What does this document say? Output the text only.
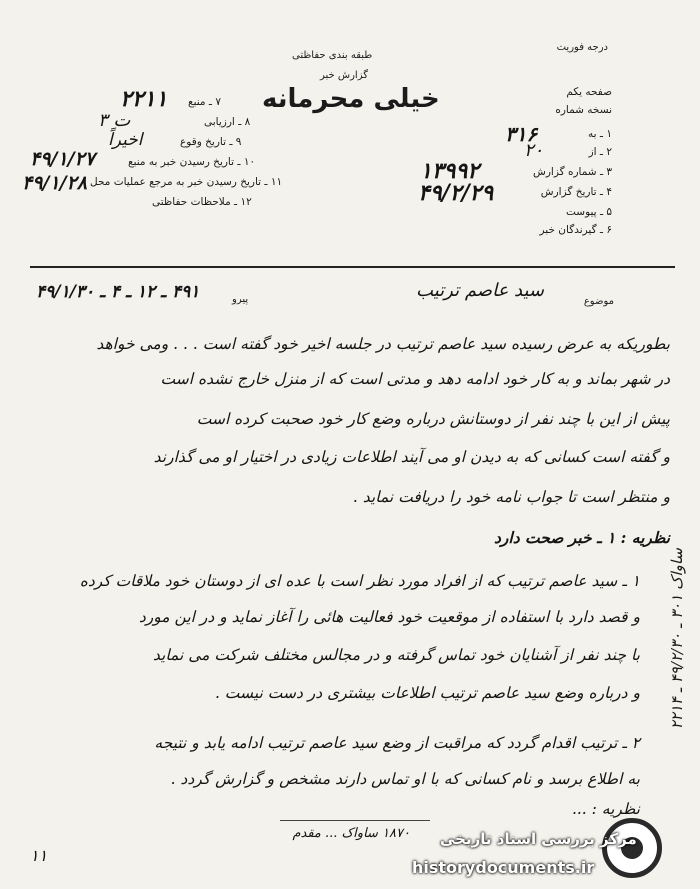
درجه فوریت
طبقه بندی حفاظتی
گزارش خبر
خیلی محرمانه	صفحه یکم
نسخه شماره
۱ ـ به
۲ ـ از
۳ ـ شماره گزارش
۴ ـ تاریخ گزارش
۵ ـ پیوست
۶ ـ گیرندگان خبر
۷ ـ منبع
۸ ـ ارزیابی
۹ ـ تاریخ وقوع
۱۰ ـ تاریخ رسیدن خبر به منبع
۱۱ ـ تاریخ رسیدن خبر به مرجع عملیات محل
۱۲ ـ ملاحظات حفاظتی
۲۲۱۱
ت ۳
اخیراً
۴۹/۱/۲۷
۴۹/۱/۲۸
۳۱۶
۲۰
۱۳۹۹۲
۴۹/۲/۲۹
موضوع
سید عاصم ترتیب
پیرو
۴۹۱ ـ ۱۲ ـ ۴ ـ ۴۹/۱/۳۰
بطوریکه به عرض رسیده سید عاصم ترتیب در جلسه اخیر خود گفته است . . . ومی خواهد
در شهر بماند و به کار خود ادامه دهد و مدتی است که از منزل خارج نشده است
پیش از این با چند نفر از دوستانش درباره وضع کار خود صحبت کرده است
و گفته است کسانی که به دیدن او می آیند اطلاعات زیادی در اختیار او می گذارند
و منتظر است تا جواب نامه خود را دریافت نماید .
نظریه : ۱ ـ خبر صحت دارد
۱ ـ سید عاصم ترتیب که از افراد مورد نظر است با عده ای از دوستان خود ملاقات کرده
و قصد دارد با استفاده از موقعیت خود فعالیت هائی را آغاز نماید و در این مورد
با چند نفر از آشنایان خود تماس گرفته و در مجالس مختلف شرکت می نماید
و درباره وضع سید عاصم ترتیب اطلاعات بیشتری در دست نیست .
۲ ـ ترتیب اقدام گردد که مراقبت از وضع سید عاصم ترتیب ادامه یابد و نتیجه
به اطلاع برسد و نام کسانی که با او تماس دارند مشخص و گزارش گردد .
نظریه : ...
۱۸۷۰ ساواک ... مقدم
ساواک ۳۰۱ ـ ۴۹/۲/۳۰ ـ ۲۲۱۴
۱۱
مرکز بررسی اسناد تاریخی
historydocuments.ir
